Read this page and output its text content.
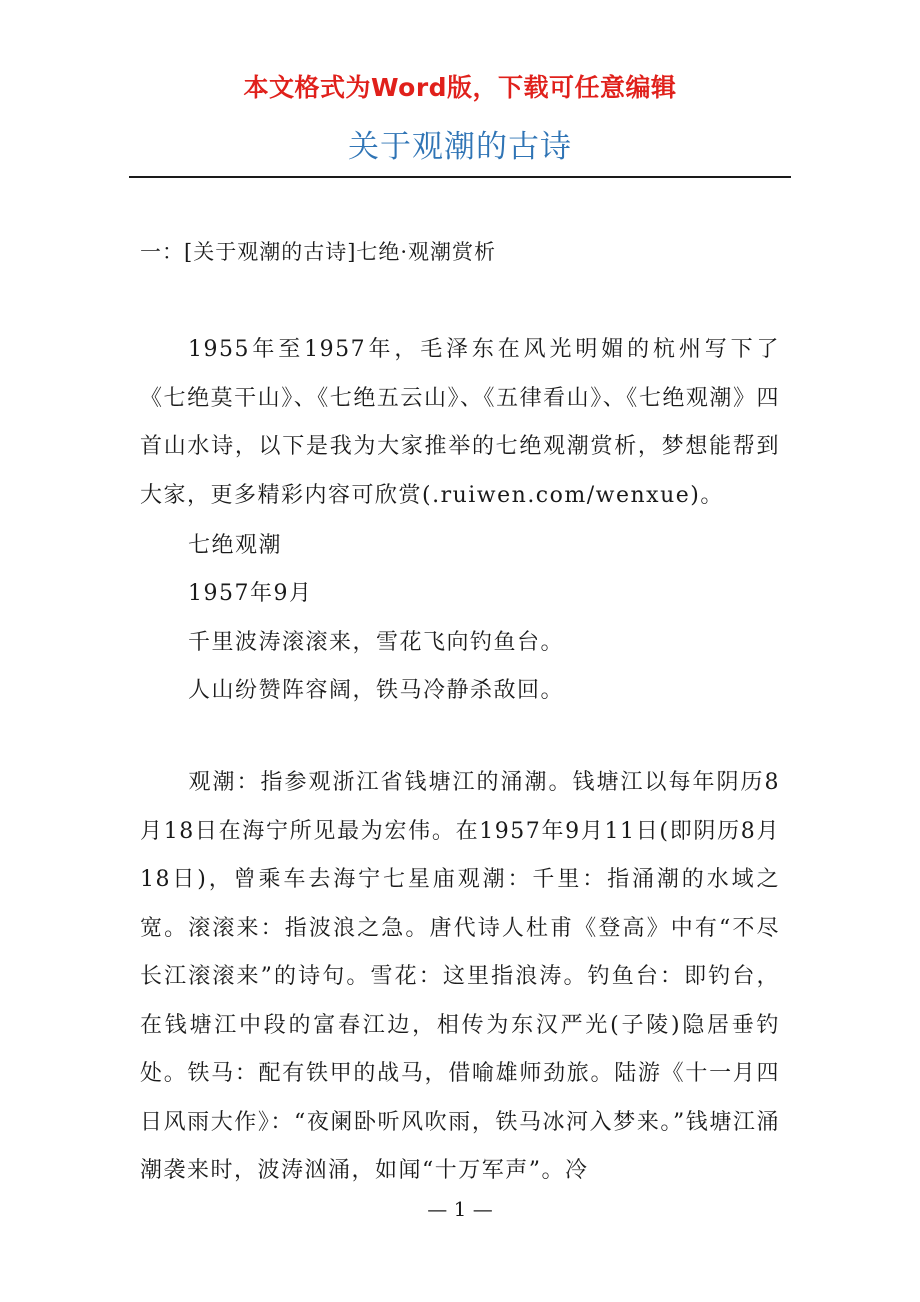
本文格式为Word版，下载可任意编辑
关于观潮的古诗
一：[关于观潮的古诗]七绝·观潮赏析

1955年至1957年，毛泽东在风光明媚的杭州写下了《七绝莫干山》、《七绝五云山》、《五律看山》、《七绝观潮》四首山水诗，以下是我为大家推举的七绝观潮赏析，梦想能帮到大家，更多精彩内容可欣赏(.ruiwen.com/wenxue)。

七绝观潮
1957年9月
千里波涛滚滚来，雪花飞向钓鱼台。
人山纷赞阵容阔，铁马冷静杀敌回。

观潮：指参观浙江省钱塘江的涌潮。钱塘江以每年阴历8月18日在海宁所见最为宏伟。在1957年9月11日(即阴历8月18日)，曾乘车去海宁七星庙观潮：千里：指涌潮的水域之宽。滚滚来：指波浪之急。唐代诗人杜甫《登高》中有“不尽长江滚滚来”的诗句。雪花：这里指浪涛。钓鱼台：即钓台，在钱塘江中段的富春江边，相传为东汉严光(子陵)隐居垂钓处。铁马：配有铁甲的战马，借喻雄师劲旅。陆游《十一月四日风雨大作》：“夜阑卧听风吹雨，铁马冰河入梦来。”钱塘江涌潮袭来时，波涛汹涌，如闻“十万军声”。冷

— 1 —
